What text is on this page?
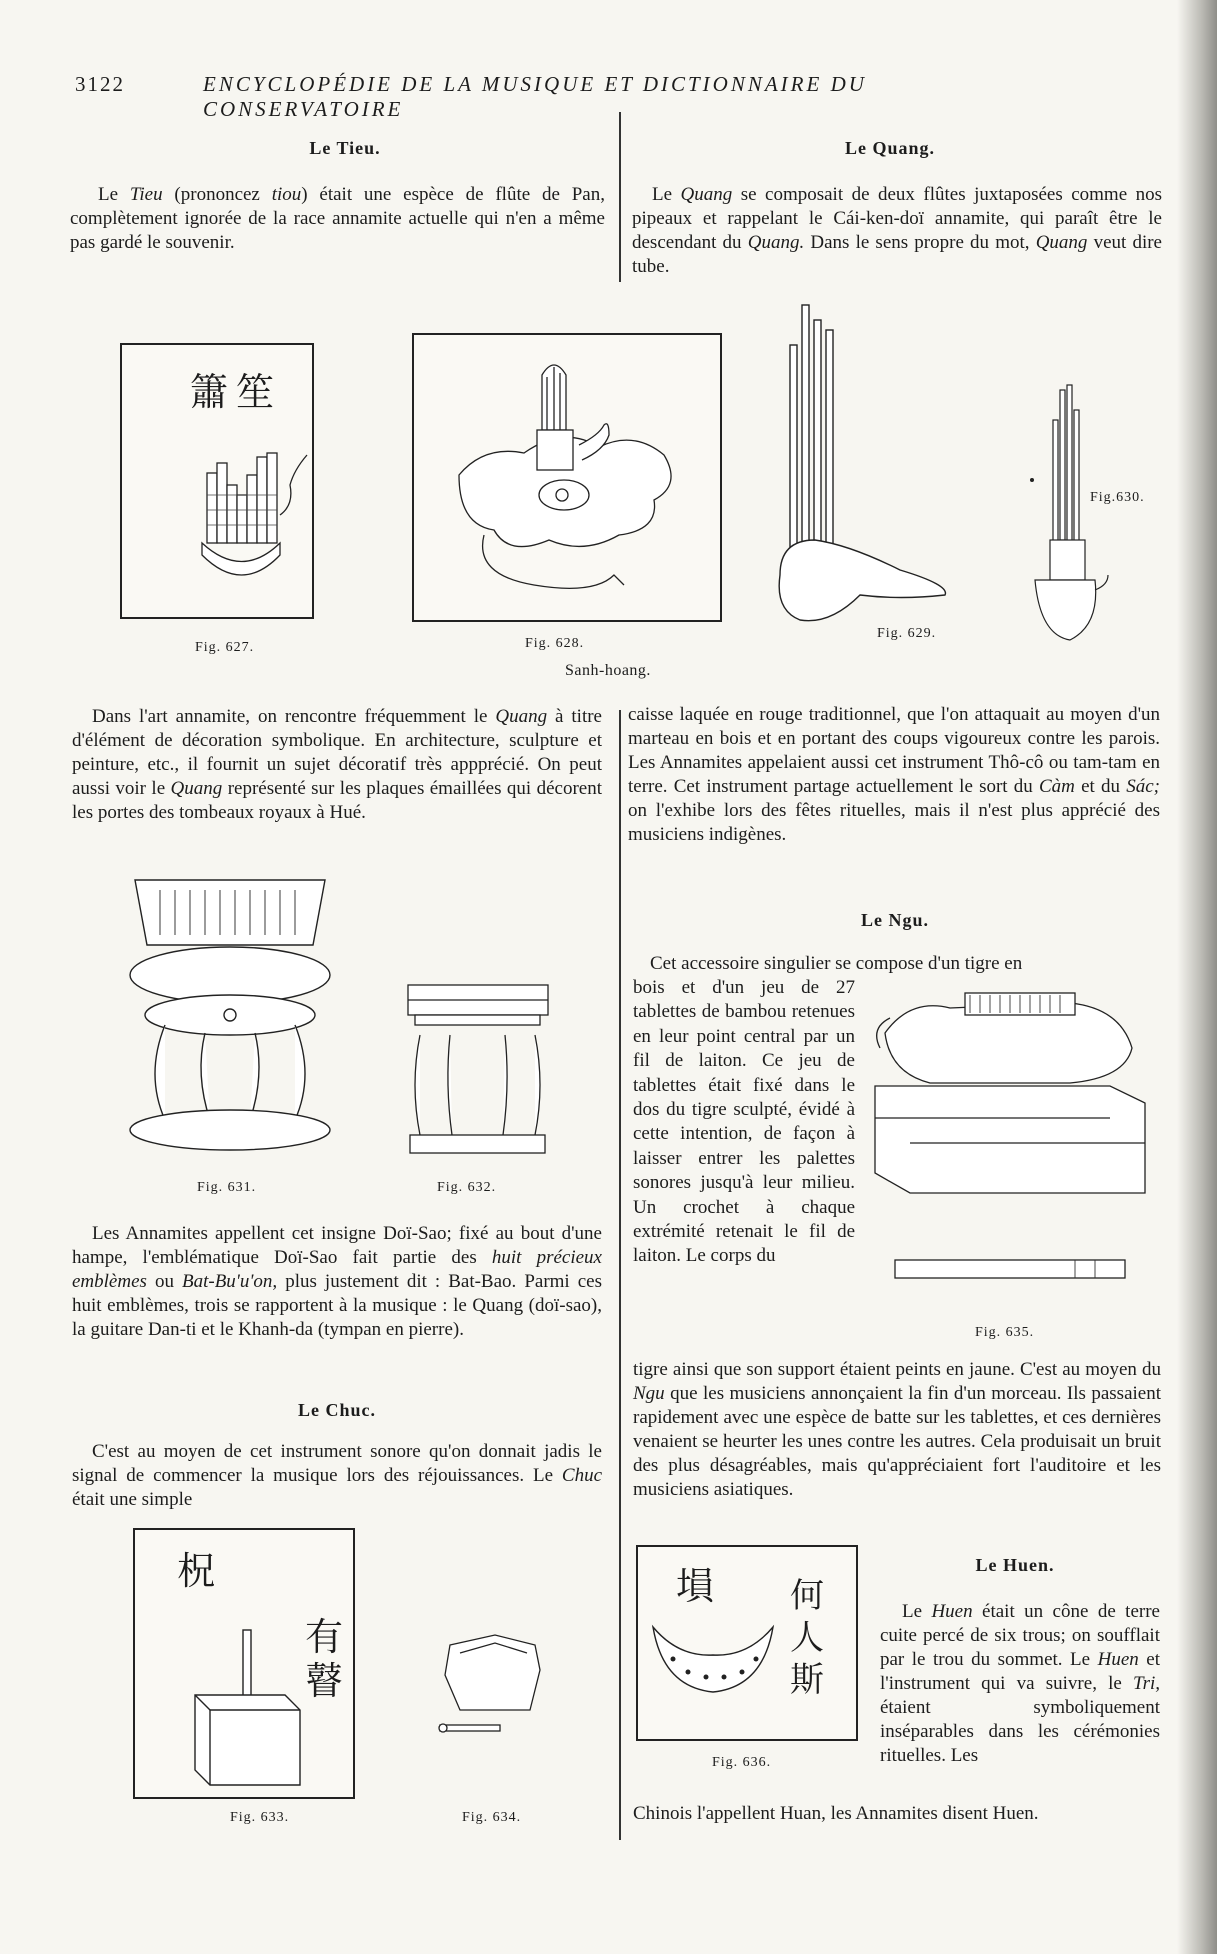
3122	ENCYCLOPÉDIE DE LA MUSIQUE ET DICTIONNAIRE DU CONSERVATOIRE
Le Tieu.
Le Tieu (prononcez tiou) était une espèce de flûte de Pan, complètement ignorée de la race annamite actuelle qui n'en a même pas gardé le souvenir.
Le Quang.
Le Quang se composait de deux flûtes juxtaposées comme nos pipeaux et rappelant le Cái-ken-doï annamite, qui paraît être le descendant du Quang. Dans le sens propre du mot, Quang veut dire tube.
簫笙
Fig. 627.	Fig. 628.
Sanh-hoang.
Fig. 629.
Fig.630.
Dans l'art annamite, on rencontre fréquemment le Quang à titre d'élément de décoration symbolique. En architecture, sculpture et peinture, etc., il fournit un sujet décoratif très appprécié. On peut aussi voir le Quang représenté sur les plaques émaillées qui décorent les portes des tombeaux royaux à Hué.
Fig. 631.	Fig. 632.
Les Annamites appellent cet insigne Doï-Sao; fixé au bout d'une hampe, l'emblématique Doï-Sao fait partie des huit précieux emblèmes ou Bat-Bu'u'on, plus justement dit : Bat-Bao. Parmi ces huit emblèmes, trois se rapportent à la musique : le Quang (doï-sao), la guitare Dan-ti et le Khanh-da (tympan en pierre).
Le Chuc.
C'est au moyen de cet instrument sonore qu'on donnait jadis le signal de commencer la musique lors des réjouissances. Le Chuc était une simple
柷
有瞽
Fig. 633.	Fig. 634.
caisse laquée en rouge traditionnel, que l'on attaquait au moyen d'un marteau en bois et en portant des coups vigoureux contre les parois. Les Annamites appelaient aussi cet instrument Thô-cô ou tam-tam en terre. Cet instrument partage actuellement le sort du Càm et du Sác; on l'exhibe lors des fêtes rituelles, mais il n'est plus apprécié des musiciens indigènes.
Le Ngu.
Cet accessoire singulier se compose d'un tigre en
bois et d'un jeu de 27 tablettes de bambou retenues en leur point central par un fil de laiton. Ce jeu de tablettes était fixé dans le dos du tigre sculpté, évidé à cette intention, de façon à laisser entrer les palettes sonores jusqu'à leur milieu. Un crochet à chaque extrémité retenait le fil de laiton. Le corps du
Fig. 635.
tigre ainsi que son support étaient peints en jaune. C'est au moyen du Ngu que les musiciens annonçaient la fin d'un morceau. Ils passaient rapidement avec une espèce de batte sur les tablettes, et ces dernières venaient se heurter les unes contre les autres. Cela produisait un bruit des plus désagréables, mais qu'appréciaient fort l'auditoire et les musiciens asiatiques.
塤 何人斯
Fig. 636.
Le Huen.
Le Huen était un cône de terre cuite percé de six trous; on soufflait par le trou du sommet. Le Huen et l'instrument qui va suivre, le Tri, étaient symboliquement inséparables dans les cérémonies rituelles. Les
Chinois l'appellent Huan, les Annamites disent Huen.
